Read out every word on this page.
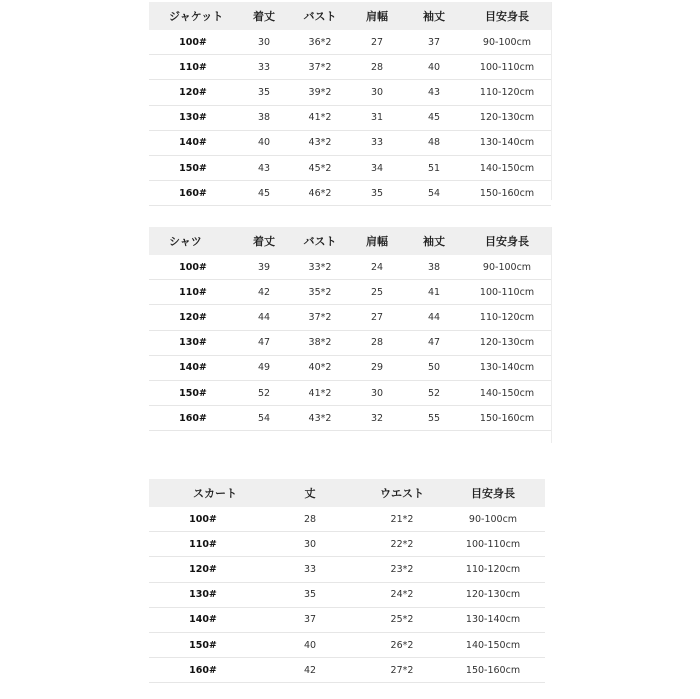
ジャケット	着丈	バスト	肩幅	袖丈	目安身長
100#	30	36*2	27	37	90-100cm
110#	33	37*2	28	40	100-110cm
120#	35	39*2	30	43	110-120cm
130#	38	41*2	31	45	120-130cm
140#	40	43*2	33	48	130-140cm
150#	43	45*2	34	51	140-150cm
160#	45	46*2	35	54	150-160cm
シャツ	着丈	バスト	肩幅	袖丈	目安身長
100#	39	33*2	24	38	90-100cm
110#	42	35*2	25	41	100-110cm
120#	44	37*2	27	44	110-120cm
130#	47	38*2	28	47	120-130cm
140#	49	40*2	29	50	130-140cm
150#	52	41*2	30	52	140-150cm
160#	54	43*2	32	55	150-160cm
スカート	丈	ウエスト	目安身長
100#	28	21*2	90-100cm
110#	30	22*2	100-110cm
120#	33	23*2	110-120cm
130#	35	24*2	120-130cm
140#	37	25*2	130-140cm
150#	40	26*2	140-150cm
160#	42	27*2	150-160cm
